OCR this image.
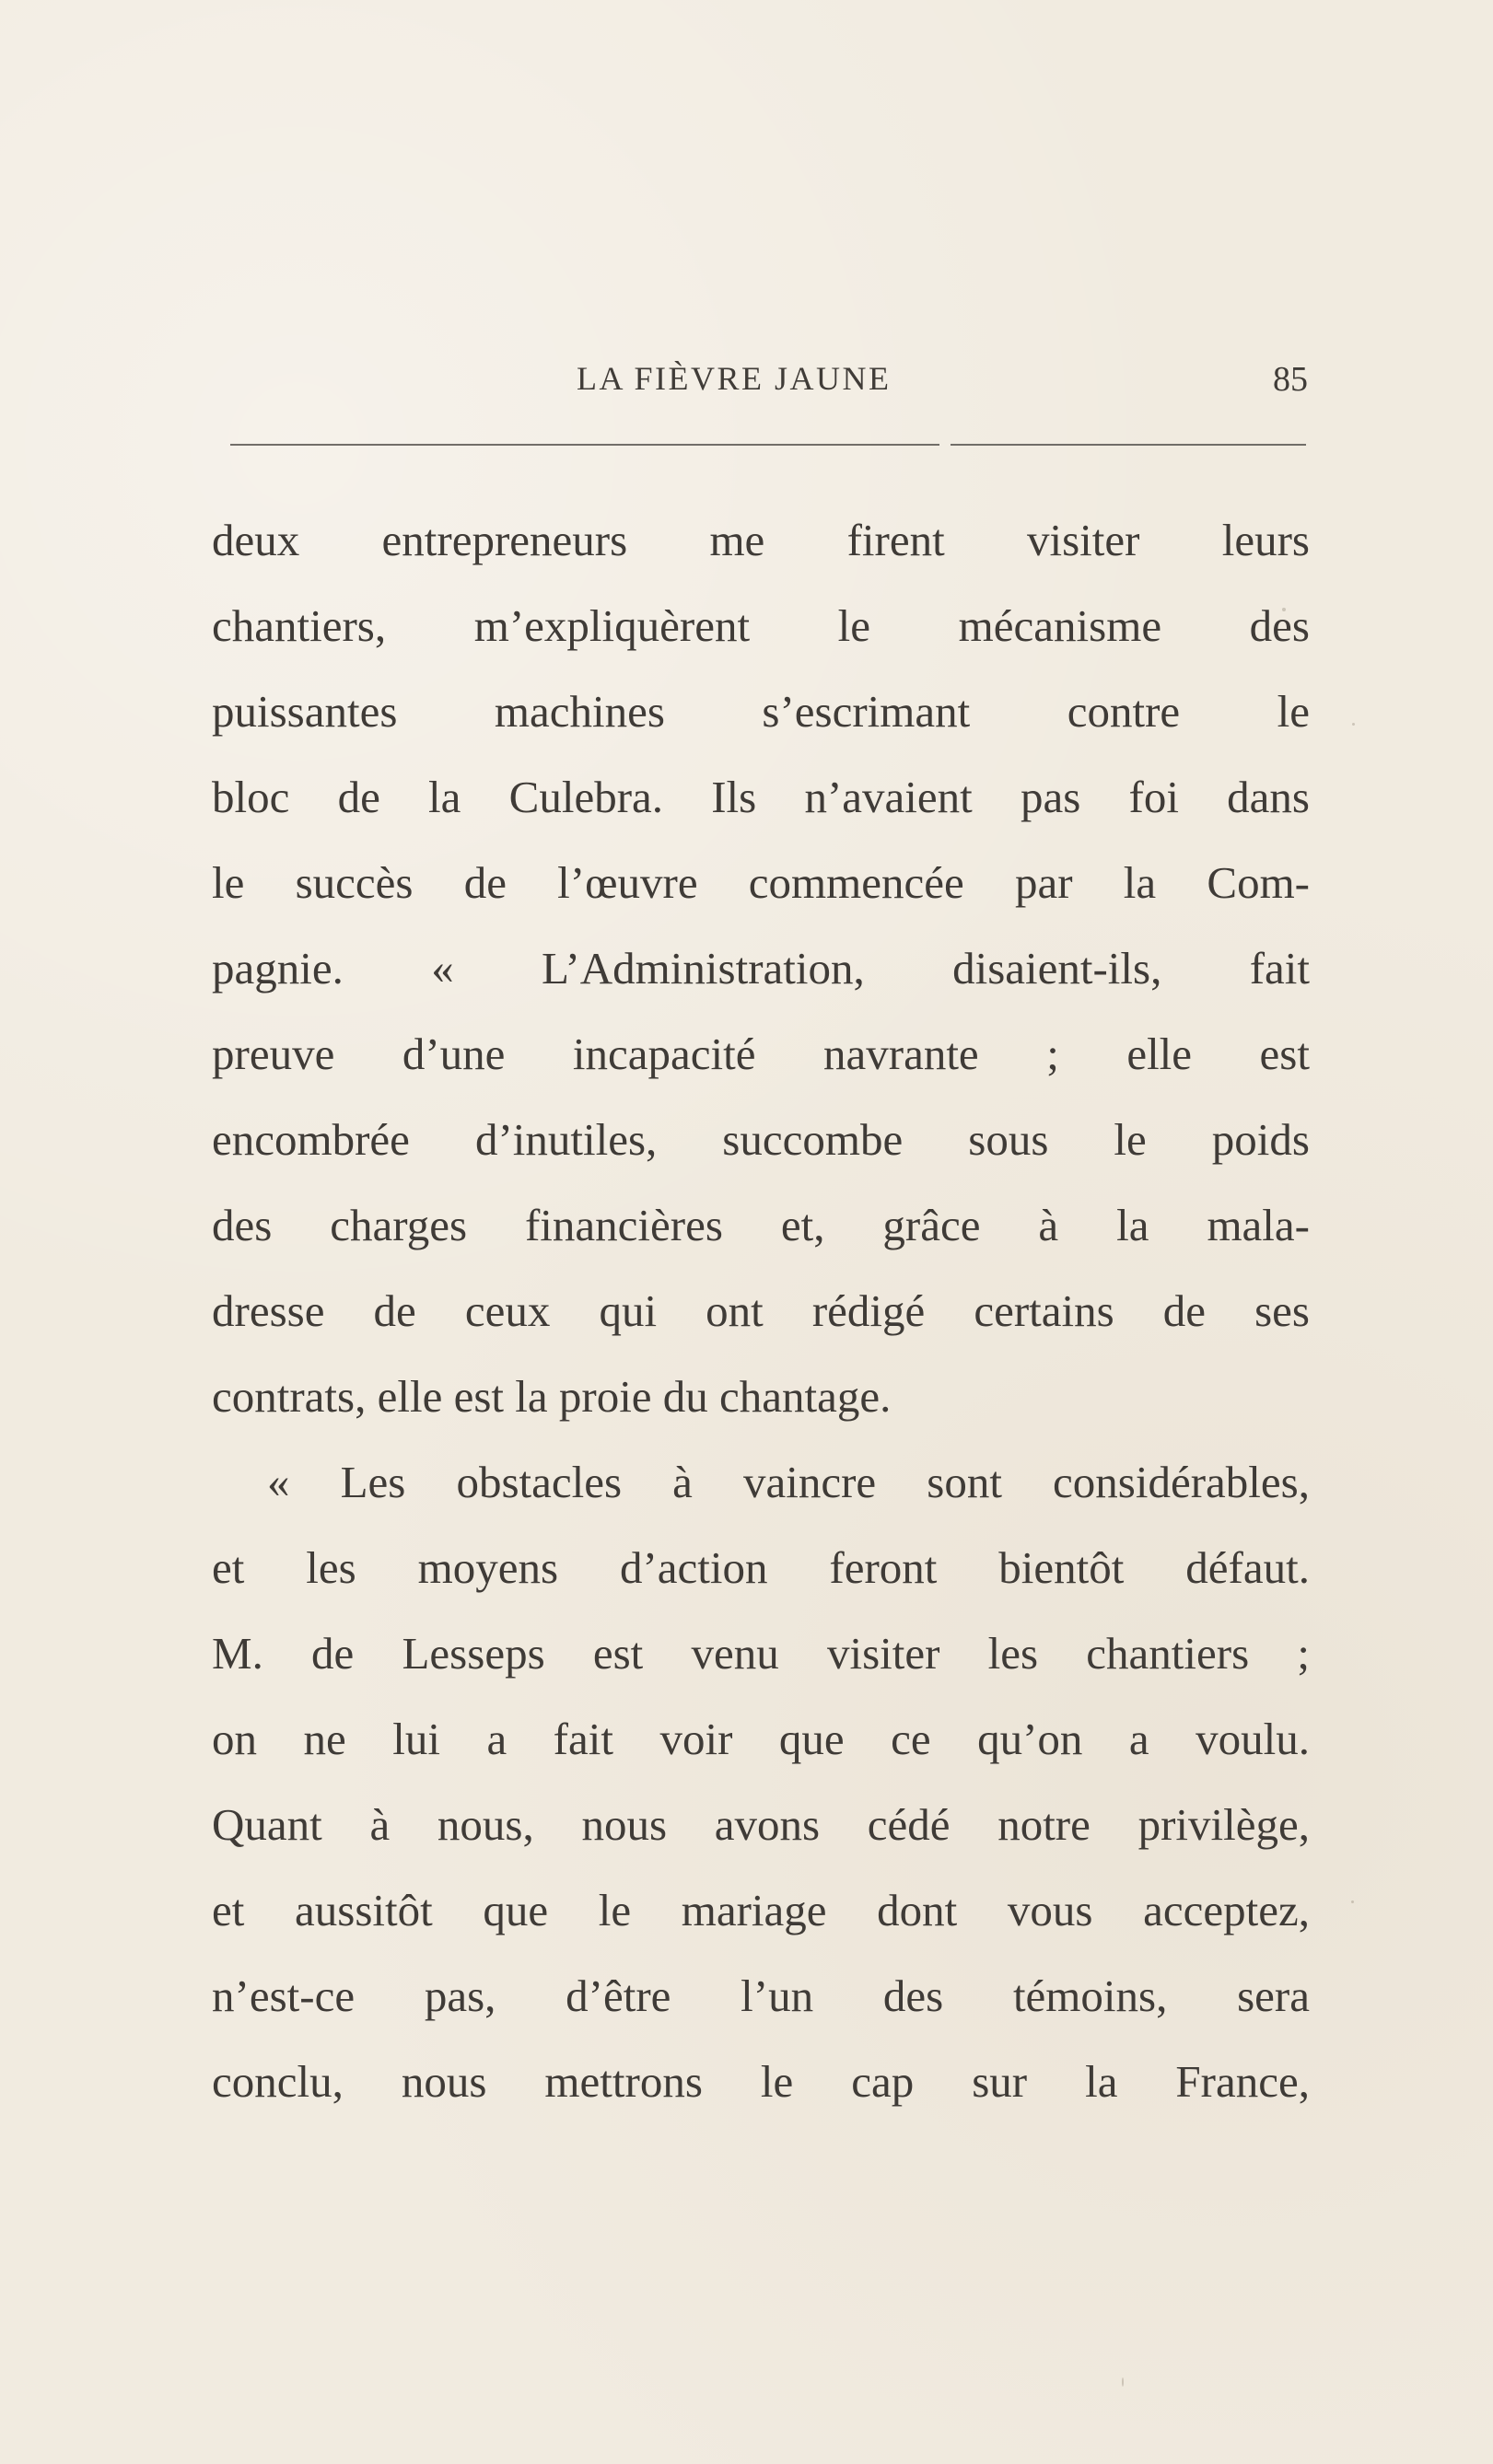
LA FIÈVRE JAUNE	85
deux entrepreneurs me firent visiter leurs
chantiers, m’expliquèrent le mécanisme des
puissantes machines s’escrimant contre le
bloc de la Culebra. Ils n’avaient pas foi dans
le succès de l’œuvre commencée par la Com-
pagnie. « L’Administration, disaient-ils, fait
preuve d’une incapacité navrante ; elle est
encombrée d’inutiles, succombe sous le poids
des charges financières et, grâce à la mala-
dresse de ceux qui ont rédigé certains de ses
contrats, elle est la proie du chantage.
« Les obstacles à vaincre sont considérables,
et les moyens d’action feront bientôt défaut.
M. de Lesseps est venu visiter les chantiers ;
on ne lui a fait voir que ce qu’on a voulu.
Quant à nous, nous avons cédé notre privilège,
et aussitôt que le mariage dont vous acceptez,
n’est-ce pas, d’être l’un des témoins, sera
conclu, nous mettrons le cap sur la France,
